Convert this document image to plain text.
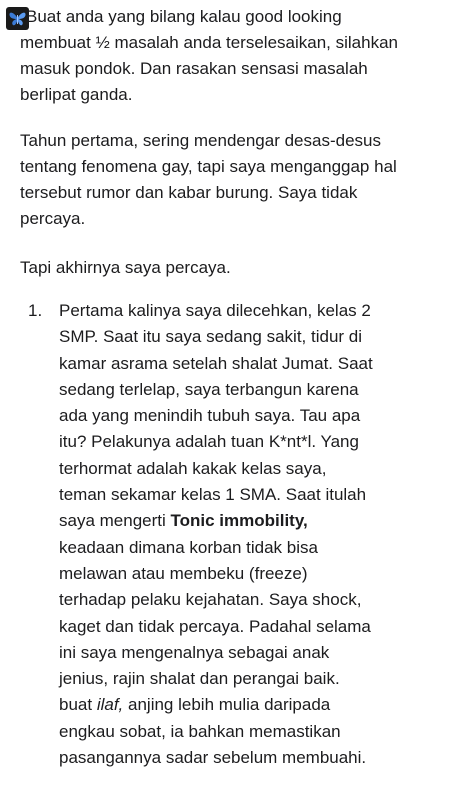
Buat anda yang bilang kalau good looking
membuat ½ masalah anda terselesaikan, silahkan
masuk pondok. Dan rasakan sensasi masalah
berlipat ganda.

Tahun pertama, sering mendengar desas-desus
tentang fenomena gay, tapi saya menganggap hal
tersebut rumor dan kabar burung. Saya tidak
percaya.

Tapi akhirnya saya percaya.

1. Pertama kalinya saya dilecehkan, kelas 2
SMP. Saat itu saya sedang sakit, tidur di
kamar asrama setelah shalat Jumat. Saat
sedang terlelap, saya terbangun karena
ada yang menindih tubuh saya. Tau apa
itu? Pelakunya adalah tuan K*nt*l. Yang
terhormat adalah kakak kelas saya,
teman sekamar kelas 1 SMA. Saat itulah
saya mengerti Tonic immobility,
keadaan dimana korban tidak bisa
melawan atau membeku (freeze)
terhadap pelaku kejahatan. Saya shock,
kaget dan tidak percaya. Padahal selama
ini saya mengenalnya sebagai anak
jenius, rajin shalat dan perangai baik.
buat ilaf, anjing lebih mulia daripada
engkau sobat, ia bahkan memastikan
pasangannya sadar sebelum membuahi.
